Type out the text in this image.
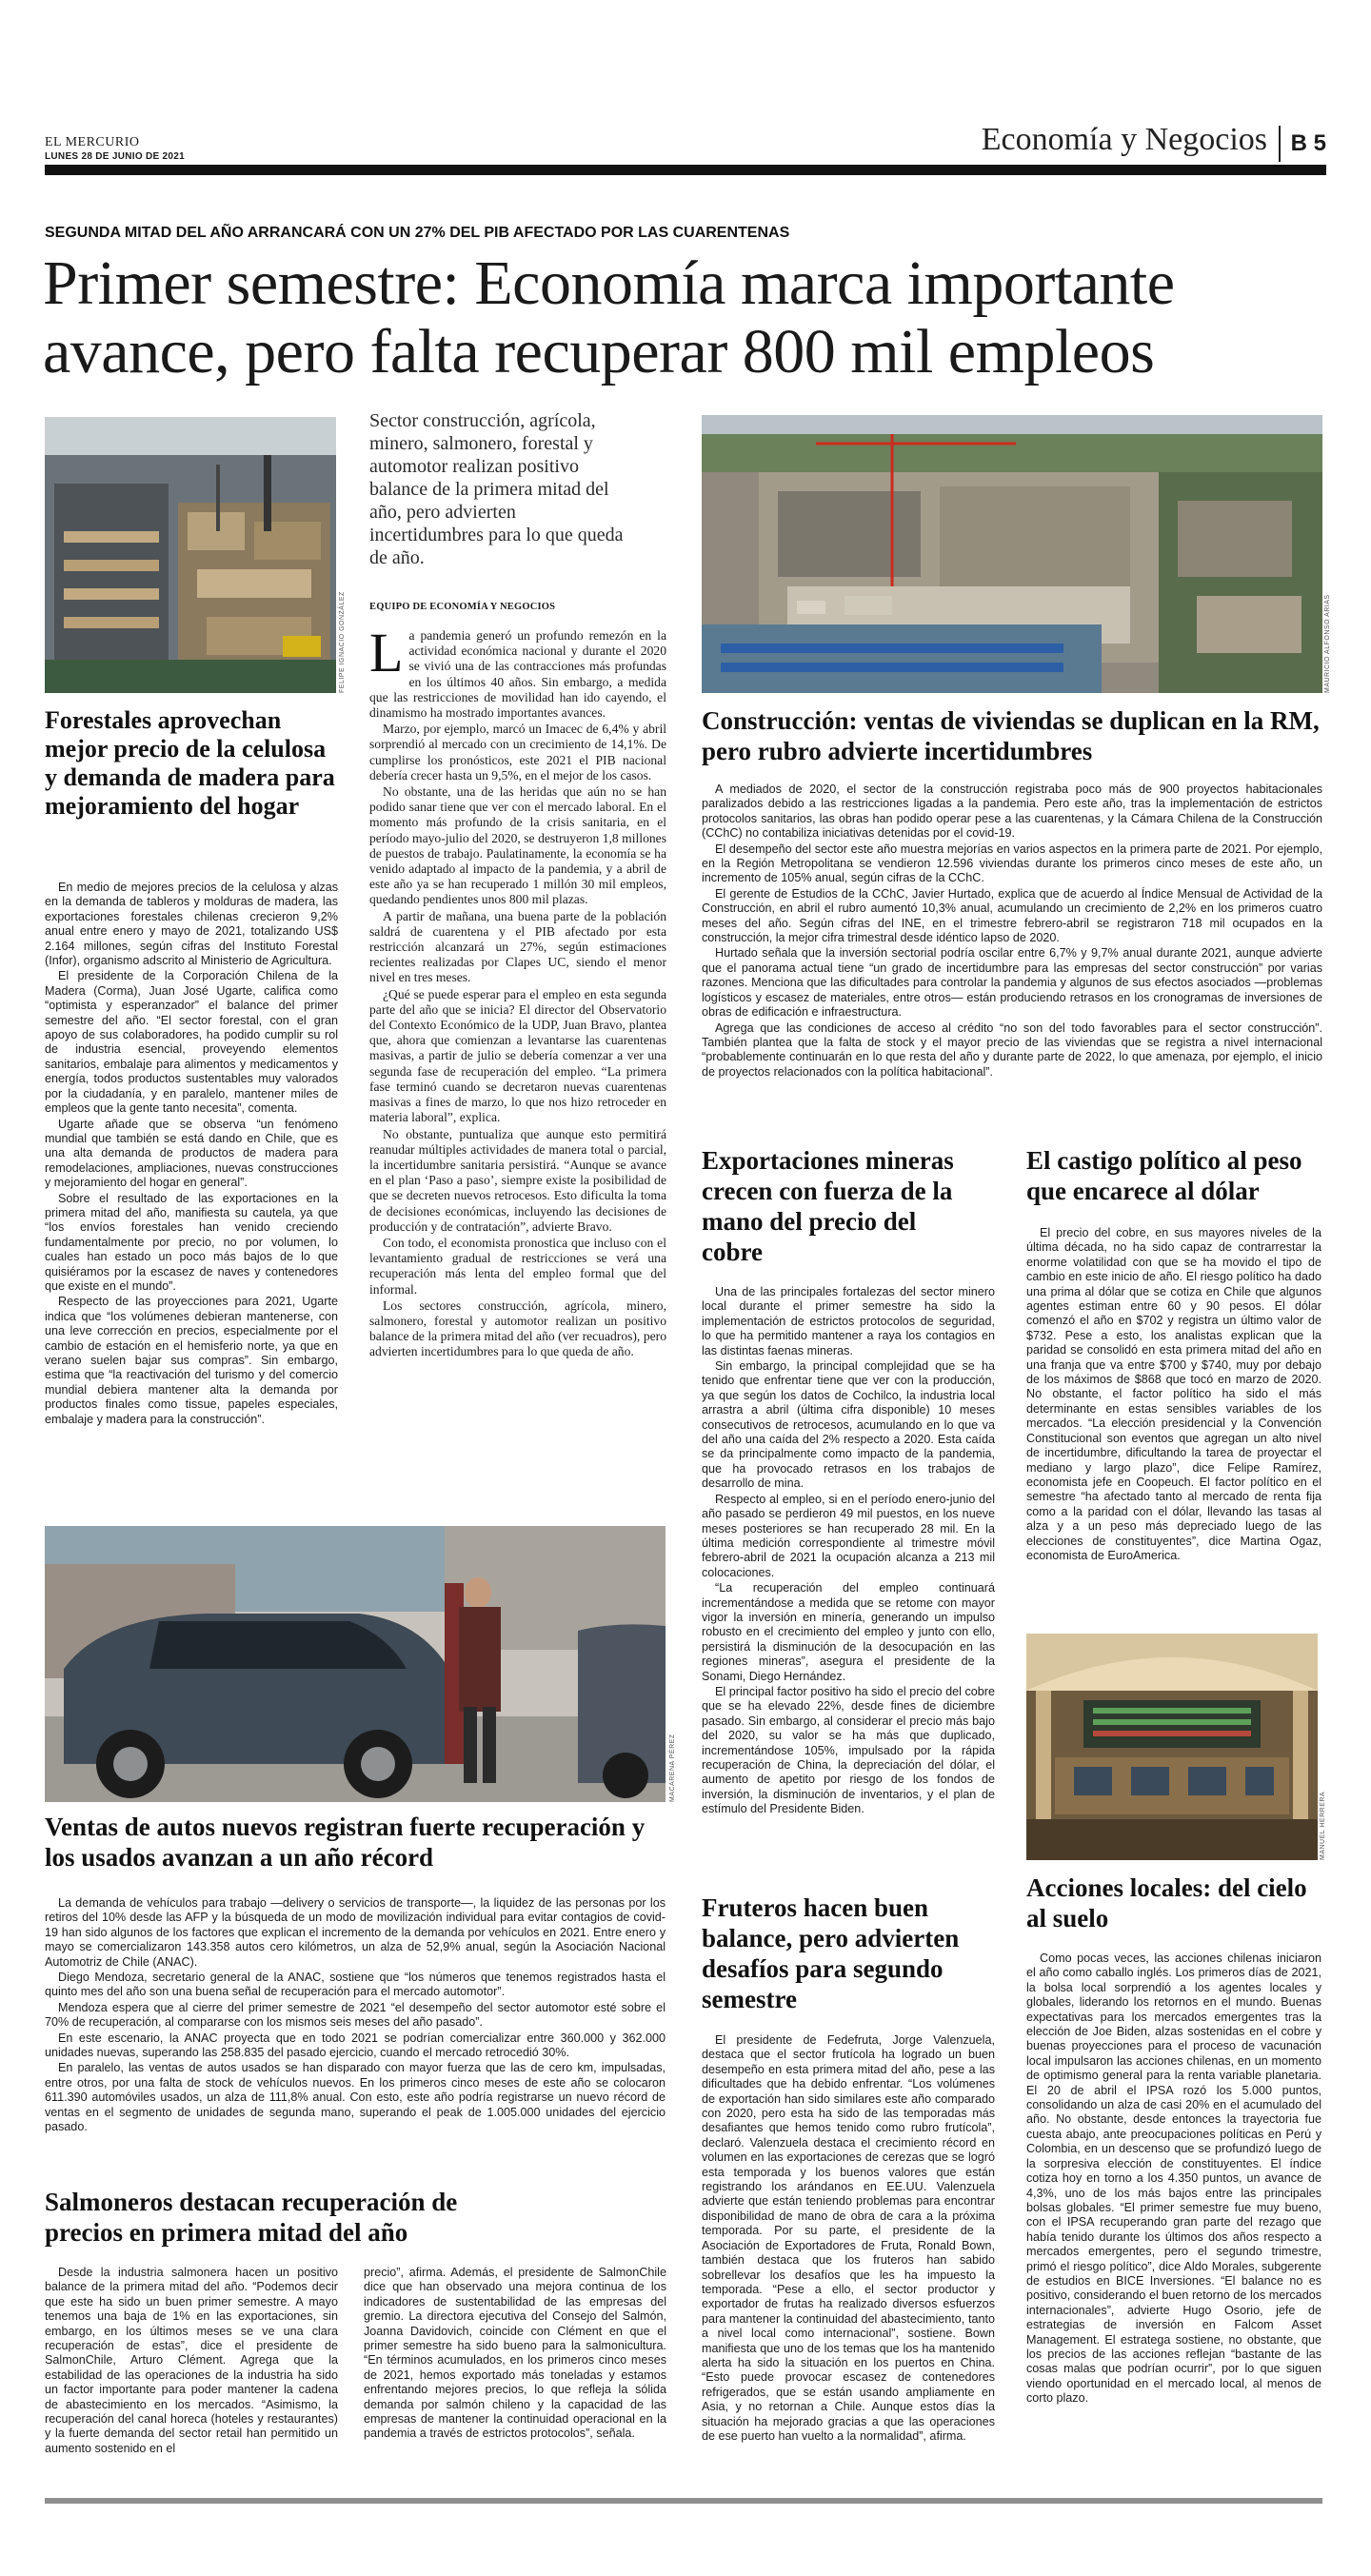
EL MERCURIO
LUNES 28 DE JUNIO DE 2021	Economía y Negocios B 5
SEGUNDA MITAD DEL AÑO ARRANCARÁ CON UN 27% DEL PIB AFECTADO POR LAS CUARENTENAS
Primer semestre: Economía marca importante avance, pero falta recuperar 800 mil empleos
FELIPE IGNACIO GONZÁLEZ
Forestales aprovechan mejor precio de la celulosa y demanda de madera para mejoramiento del hogar

En medio de mejores precios de la celulosa y alzas en la demanda de tableros y molduras de madera, las exportaciones forestales chilenas crecieron 9,2% anual entre enero y mayo de 2021, totalizando US$ 2.164 millones, según cifras del Instituto Forestal (Infor), organismo adscrito al Ministerio de Agricultura.

El presidente de la Corporación Chilena de la Madera (Corma), Juan José Ugarte, califica como “optimista y esperanzador” el balance del primer semestre del año. “El sector forestal, con el gran apoyo de sus colaboradores, ha podido cumplir su rol de industria esencial, proveyendo elementos sanitarios, embalaje para alimentos y medicamentos y energía, todos productos sustentables muy valorados por la ciudadanía, y en paralelo, mantener miles de empleos que la gente tanto necesita”, comenta.

Ugarte añade que se observa “un fenómeno mundial que también se está dando en Chile, que es una alta demanda de productos de madera para remodelaciones, ampliaciones, nuevas construcciones y mejoramiento del hogar en general”.

Sobre el resultado de las exportaciones en la primera mitad del año, manifiesta su cautela, ya que “los envíos forestales han venido creciendo fundamentalmente por precio, no por volumen, lo cuales han estado un poco más bajos de lo que quisiéramos por la escasez de naves y contenedores que existe en el mundo”.

Respecto de las proyecciones para 2021, Ugarte indica que “los volúmenes debieran mantenerse, con una leve corrección en precios, especialmente por el cambio de estación en el hemisferio norte, ya que en verano suelen bajar sus compras”. Sin embargo, estima que “la reactivación del turismo y del comercio mundial debiera mantener alta la demanda por productos finales como tissue, papeles especiales, embalaje y madera para la construcción”.

Sector construcción, agrícola, minero, salmonero, forestal y automotor realizan positivo balance de la primera mitad del año, pero advierten incertidumbres para lo que queda de año.
EQUIPO DE ECONOMÍA Y NEGOCIOS

La pandemia generó un profundo remezón en la actividad económica nacional y durante el 2020 se vivió una de las contracciones más profundas en los últimos 40 años. Sin embargo, a medida que las restricciones de movilidad han ido cayendo, el dinamismo ha mostrado importantes avances.

Marzo, por ejemplo, marcó un Imacec de 6,4% y abril sorprendió al mercado con un crecimiento de 14,1%. De cumplirse los pronósticos, este 2021 el PIB nacional debería crecer hasta un 9,5%, en el mejor de los casos.

No obstante, una de las heridas que aún no se han podido sanar tiene que ver con el mercado laboral. En el momento más profundo de la crisis sanitaria, en el período mayo-julio del 2020, se destruyeron 1,8 millones de puestos de trabajo. Paulatinamente, la economía se ha venido adaptado al impacto de la pandemia, y a abril de este año ya se han recuperado 1 millón 30 mil empleos, quedando pendientes unos 800 mil plazas.

A partir de mañana, una buena parte de la población saldrá de cuarentena y el PIB afectado por esta restricción alcanzará un 27%, según estimaciones recientes realizadas por Clapes UC, siendo el menor nivel en tres meses.

¿Qué se puede esperar para el empleo en esta segunda parte del año que se inicia? El director del Observatorio del Contexto Económico de la UDP, Juan Bravo, plantea que, ahora que comienzan a levantarse las cuarentenas masivas, a partir de julio se debería comenzar a ver una segunda fase de recuperación del empleo. “La primera fase terminó cuando se decretaron nuevas cuarentenas masivas a fines de marzo, lo que nos hizo retroceder en materia laboral”, explica.

No obstante, puntualiza que aunque esto permitirá reanudar múltiples actividades de manera total o parcial, la incertidumbre sanitaria persistirá. “Aunque se avance en el plan ‘Paso a paso’, siempre existe la posibilidad de que se decreten nuevos retrocesos. Esto dificulta la toma de decisiones económicas, incluyendo las decisiones de producción y de contratación”, advierte Bravo.

Con todo, el economista pronostica que incluso con el levantamiento gradual de restricciones se verá una recuperación más lenta del empleo formal que del informal.

Los sectores construcción, agrícola, minero, salmonero, forestal y automotor realizan un positivo balance de la primera mitad del año (ver recuadros), pero advierten incertidumbres para lo que queda de año.

MAURICIO ALFONSO ARIAS
Construcción: ventas de viviendas se duplican en la RM, pero rubro advierte incertidumbres

A mediados de 2020, el sector de la construcción registraba poco más de 900 proyectos habitacionales paralizados debido a las restricciones ligadas a la pandemia. Pero este año, tras la implementación de estrictos protocolos sanitarios, las obras han podido operar pese a las cuarentenas, y la Cámara Chilena de la Construcción (CChC) no contabiliza iniciativas detenidas por el covid-19.

El desempeño del sector este año muestra mejorías en varios aspectos en la primera parte de 2021. Por ejemplo, en la Región Metropolitana se vendieron 12.596 viviendas durante los primeros cinco meses de este año, un incremento de 105% anual, según cifras de la CChC.

El gerente de Estudios de la CChC, Javier Hurtado, explica que de acuerdo al Índice Mensual de Actividad de la Construcción, en abril el rubro aumentó 10,3% anual, acumulando un crecimiento de 2,2% en los primeros cuatro meses del año. Según cifras del INE, en el trimestre febrero-abril se registraron 718 mil ocupados en la construcción, la mejor cifra trimestral desde idéntico lapso de 2020.

Hurtado señala que la inversión sectorial podría oscilar entre 6,7% y 9,7% anual durante 2021, aunque advierte que el panorama actual tiene “un grado de incertidumbre para las empresas del sector construcción” por varias razones. Menciona que las dificultades para controlar la pandemia y algunos de sus efectos asociados —problemas logísticos y escasez de materiales, entre otros— están produciendo retrasos en los cronogramas de inversiones de obras de edificación e infraestructura.

Agrega que las condiciones de acceso al crédito “no son del todo favorables para el sector construcción”. También plantea que la falta de stock y el mayor precio de las viviendas que se registra a nivel internacional “probablemente continuarán en lo que resta del año y durante parte de 2022, lo que amenaza, por ejemplo, el inicio de proyectos relacionados con la política habitacional”.

Exportaciones mineras crecen con fuerza de la mano del precio del cobre

Una de las principales fortalezas del sector minero local durante el primer semestre ha sido la implementación de estrictos protocolos de seguridad, lo que ha permitido mantener a raya los contagios en las distintas faenas mineras.

Sin embargo, la principal complejidad que se ha tenido que enfrentar tiene que ver con la producción, ya que según los datos de Cochilco, la industria local arrastra a abril (última cifra disponible) 10 meses consecutivos de retrocesos, acumulando en lo que va del año una caída del 2% respecto a 2020. Esta caída se da principalmente como impacto de la pandemia, que ha provocado retrasos en los trabajos de desarrollo de mina.

Respecto al empleo, si en el período enero-junio del año pasado se perdieron 49 mil puestos, en los nueve meses posteriores se han recuperado 28 mil. En la última medición correspondiente al trimestre móvil febrero-abril de 2021 la ocupación alcanza a 213 mil colocaciones.

“La recuperación del empleo continuará incrementándose a medida que se retome con mayor vigor la inversión en minería, generando un impulso robusto en el crecimiento del empleo y junto con ello, persistirá la disminución de la desocupación en las regiones mineras”, asegura el presidente de la Sonami, Diego Hernández.

El principal factor positivo ha sido el precio del cobre que se ha elevado 22%, desde fines de diciembre pasado. Sin embargo, al considerar el precio más bajo del 2020, su valor se ha más que duplicado, incrementándose 105%, impulsado por la rápida recuperación de China, la depreciación del dólar, el aumento de apetito por riesgo de los fondos de inversión, la disminución de inventarios, y el plan de estímulo del Presidente Biden.

El castigo político al peso que encarece al dólar

El precio del cobre, en sus mayores niveles de la última década, no ha sido capaz de contrarrestar la enorme volatilidad con que se ha movido el tipo de cambio en este inicio de año. El riesgo político ha dado una prima al dólar que se cotiza en Chile que algunos agentes estiman entre 60 y 90 pesos. El dólar comenzó el año en $702 y registra un último valor de $732. Pese a esto, los analistas explican que la paridad se consolidó en esta primera mitad del año en una franja que va entre $700 y $740, muy por debajo de los máximos de $868 que tocó en marzo de 2020. No obstante, el factor político ha sido el más determinante en estas sensibles variables de los mercados. “La elección presidencial y la Convención Constitucional son eventos que agregan un alto nivel de incertidumbre, dificultando la tarea de proyectar el mediano y largo plazo”, dice Felipe Ramírez, economista jefe en Coopeuch. El factor político en el semestre “ha afectado tanto al mercado de renta fija como a la paridad con el dólar, llevando las tasas al alza y a un peso más depreciado luego de las elecciones de constituyentes”, dice Martina Ogaz, economista de EuroAmerica.

MACARENA PÉREZ
Ventas de autos nuevos registran fuerte recuperación y los usados avanzan a un año récord

La demanda de vehículos para trabajo —delivery o servicios de transporte—, la liquidez de las personas por los retiros del 10% desde las AFP y la búsqueda de un modo de movilización individual para evitar contagios de covid-19 han sido algunos de los factores que explican el incremento de la demanda por vehículos en 2021. Entre enero y mayo se comercializaron 143.358 autos cero kilómetros, un alza de 52,9% anual, según la Asociación Nacional Automotriz de Chile (ANAC).

Diego Mendoza, secretario general de la ANAC, sostiene que “los números que tenemos registrados hasta el quinto mes del año son una buena señal de recuperación para el mercado automotor”.

Mendoza espera que al cierre del primer semestre de 2021 “el desempeño del sector automotor esté sobre el 70% de recuperación, al compararse con los mismos seis meses del año pasado”.

En este escenario, la ANAC proyecta que en todo 2021 se podrían comercializar entre 360.000 y 362.000 unidades nuevas, superando las 258.835 del pasado ejercicio, cuando el mercado retrocedió 30%.

En paralelo, las ventas de autos usados se han disparado con mayor fuerza que las de cero km, impulsadas, entre otros, por una falta de stock de vehículos nuevos. En los primeros cinco meses de este año se colocaron 611.390 automóviles usados, un alza de 111,8% anual. Con esto, este año podría registrarse un nuevo récord de ventas en el segmento de unidades de segunda mano, superando el peak de 1.005.000 unidades del ejercicio pasado.

Salmoneros destacan recuperación de precios en primera mitad del año

Desde la industria salmonera hacen un positivo balance de la primera mitad del año. “Podemos decir que este ha sido un buen primer semestre. A mayo tenemos una baja de 1% en las exportaciones, sin embargo, en los últimos meses se ve una clara recuperación de estas”, dice el presidente de SalmonChile, Arturo Clément. Agrega que la estabilidad de las operaciones de la industria ha sido un factor importante para poder mantener la cadena de abastecimiento en los mercados. “Asimismo, la recuperación del canal horeca (hoteles y restaurantes) y la fuerte demanda del sector retail han permitido un aumento sostenido en el

precio”, afirma. Además, el presidente de SalmonChile dice que han observado una mejora continua de los indicadores de sustentabilidad de las empresas del gremio. La directora ejecutiva del Consejo del Salmón, Joanna Davidovich, coincide con Clément en que el primer semestre ha sido bueno para la salmonicultura. “En términos acumulados, en los primeros cinco meses de 2021, hemos exportado más toneladas y estamos enfrentando mejores precios, lo que refleja la sólida demanda por salmón chileno y la capacidad de las empresas de mantener la continuidad operacional en la pandemia a través de estrictos protocolos”, señala.

Fruteros hacen buen balance, pero advierten desafíos para segundo semestre

El presidente de Fedefruta, Jorge Valenzuela, destaca que el sector frutícola ha logrado un buen desempeño en esta primera mitad del año, pese a las dificultades que ha debido enfrentar. “Los volúmenes de exportación han sido similares este año comparado con 2020, pero esta ha sido de las temporadas más desafiantes que hemos tenido como rubro frutícola”, declaró. Valenzuela destaca el crecimiento récord en volumen en las exportaciones de cerezas que se logró esta temporada y los buenos valores que están registrando los arándanos en EE.UU. Valenzuela advierte que están teniendo problemas para encontrar disponibilidad de mano de obra de cara a la próxima temporada. Por su parte, el presidente de la Asociación de Exportadores de Fruta, Ronald Bown, también destaca que los fruteros han sabido sobrellevar los desafíos que les ha impuesto la temporada. “Pese a ello, el sector productor y exportador de frutas ha realizado diversos esfuerzos para mantener la continuidad del abastecimiento, tanto a nivel local como internacional”, sostiene. Bown manifiesta que uno de los temas que los ha mantenido alerta ha sido la situación en los puertos en China. “Esto puede provocar escasez de contenedores refrigerados, que se están usando ampliamente en Asia, y no retornan a Chile. Aunque estos días la situación ha mejorado gracias a que las operaciones de ese puerto han vuelto a la normalidad”, afirma.

MANUEL HERRERA
Acciones locales: del cielo al suelo

Como pocas veces, las acciones chilenas iniciaron el año como caballo inglés. Los primeros días de 2021, la bolsa local sorprendió a los agentes locales y globales, liderando los retornos en el mundo. Buenas expectativas para los mercados emergentes tras la elección de Joe Biden, alzas sostenidas en el cobre y buenas proyecciones para el proceso de vacunación local impulsaron las acciones chilenas, en un momento de optimismo general para la renta variable planetaria. El 20 de abril el IPSA rozó los 5.000 puntos, consolidando un alza de casi 20% en el acumulado del año. No obstante, desde entonces la trayectoria fue cuesta abajo, ante preocupaciones políticas en Perú y Colombia, en un descenso que se profundizó luego de la sorpresiva elección de constituyentes. El índice cotiza hoy en torno a los 4.350 puntos, un avance de 4,3%, uno de los más bajos entre las principales bolsas globales. “El primer semestre fue muy bueno, con el IPSA recuperando gran parte del rezago que había tenido durante los últimos dos años respecto a mercados emergentes, pero el segundo trimestre, primó el riesgo político”, dice Aldo Morales, subgerente de estudios en BICE Inversiones. “El balance no es positivo, considerando el buen retorno de los mercados internacionales”, advierte Hugo Osorio, jefe de estrategias de inversión en Falcom Asset Management. El estratega sostiene, no obstante, que los precios de las acciones reflejan “bastante de las cosas malas que podrían ocurrir”, por lo que siguen viendo oportunidad en el mercado local, al menos de corto plazo.
